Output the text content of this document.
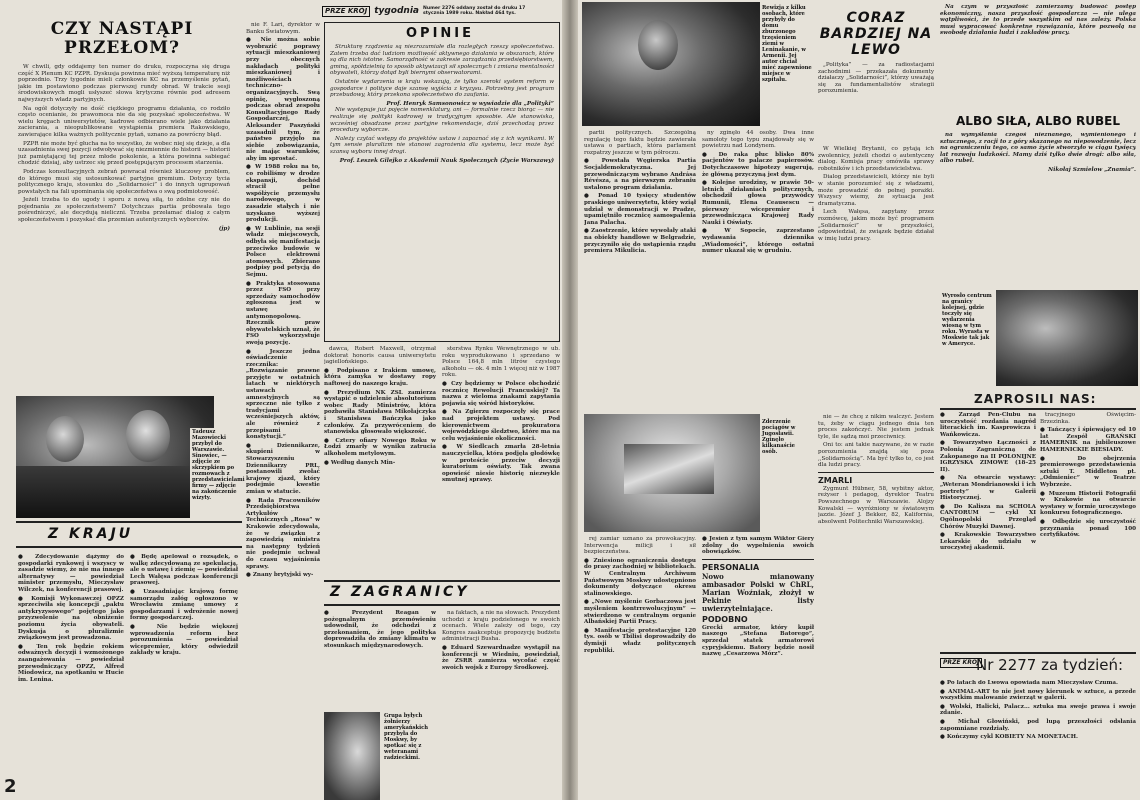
CZY NASTĄPI PRZEŁOM?

W chwili, gdy oddajemy ten numer do druku, rozpoczyna się druga część X Plenum KC PZPR. Dyskusja powinna mieć wyższą temperaturę niż poprzednio. Trzy tygodnie mieli członkowie KC na przemyślenie pytań, jakie im postawiono podczas pierwszej rundy obrad. W trakcie sesji środowiskowych mogli usłyszeć słowa krytyczne równie pod adresem najwyższych władz partyjnych.

Na ogół dotyczyły ne dość ciężkiego programu działania, co rodziło często ocenianie, że prawomoca nie da się pozyskać społeczeństwa. W wielu kręgach uniwersytetów, kadrowe odbierano wiele jako działania zacierania, a nieopublikowane wystąpienia premiera Rakowskiego, zawierające kilka ważnych politycznie pytań, uznano za powrócny błąd.

PZPR nie może być głucha na to wszystko, że wobec niej się dzieje, a dla uzasadnienia swej pozycji odwoływać się niezmiennie do historii — historii już pamiętającej tej przez młode pokolenie, a która powinna sabiegać chodzić dzisiaj, aby ustrzec się przed postępującym procesem starzenia.

Podczas konsultacyjnych zebrań powracał również kluczowy problem, do którego musi się ustosunkować partyjne gremium. Dotyczy tycia politycznego kraju, stosunku do „Solidarności” i do innych ugrupowań powstałych na fali upominania się społeczeństwa o swą podmiotowość.

Jeżeli trzeba to do ugody i sporu z nową siłą, to zdolne czy nie do pojednania ze społeczeństwem? Dotychczas partia próbowała tego pośredniczyć, ale decydują nieliczni. Trzeba przełamać dialog z całym społeczeństwem i pozyskać dla przemian autentycznych wyborców.

(jp)
Tadeusz Mazowiecki przybył do Warszawie. Sinowiec, — zdjęcie ze skrzypkiem po rozmowach z przedstawicielami firmy — zdjęcie na zakończenie wizyty.
Z KRAJU

● Zdecydowanie dążymy do gospodarki rynkowej i wszyscy w zasadzie wiemy, że nie ma innego alternatywy — powiedział minister przemysłu, Mieczysław Wilczek, na konferencji prasowej.

● Komisji Wykonawczej OPZZ sprzeciwiła się koncepcji „paktu antykryzysowego” pojętego jako przyzwolenie na obniżenie poziomu życia obywateli. Dyskusja o pluralizmie związkowym jest prowadzona.

● Ten rok będzie rokiem odważnych decyzji i wzmożonego zaangażowania — powiedział przewodniczący OPZZ, Alfred Miodowicz, na spotkaniu w Hucie im. Lenina.

● Będę apelował o rozsądek, o walkę zdecydowaną ze spekulacją, ale o ustawę i ziemię — powiedział Lech Wałęsa podczas konferencji prasowej.

● Uzasadniając krajową formę samorządu załóg ogłoszono w Wrocławiu zmianę umowy z gospodarzami i wdrożenie nowej formy gospodarczej.

● Nie będzie większej wprowadzenia reform bez porozumienia — powiedział wicepremier, który odwiedził zakłady w kraju.

2

nie F. Lari, dyrektor w Banku Światowym.

● Nie można sobie wyobrazić poprawy sytuacji mieszkaniowej przy obecnych nakładach polityki mieszkaniowej i możliwościach techniczno-organizacyjnych. Swą opinię, wygłoszoną podczas obrad zespołu Konsultacyjnego Rady Gospodarczej, Aleksander Paszyński uzasadnił tym, że państwo przyjęło na siebie zobowiązania, nie mając warunków, aby im sprostać.

● W 1988 roku na to, co robiliśmy w drodze ekspansji, dochód stracił pełne współżycie przemysłu narodowego, w zasadzie stałych i nie uzyskano wyższej produkcji.

● W Lublinie, na sesji władz miejscowych, odbyła się manifestacja przeciwko budowie w Polsce elektrowni atomowych. Zbierano podpisy pod petycją do Sejmu.

● Praktyka stosowana przez FSO przy sprzedaży samochodów zgłoszona jest w ustawę antymonopolową. Rzecznik praw obywatelskich uznał, że FSO wykorzystuje swoją pozycję.

● Jeszcze jedna oświadczenie rzecznika: „Rozwiązanie prawne przyjęte w ostatnich latach w niektórych ustawach amnestyjnych są sprzeczne nie tylko z tradycjami wcześniejszych aktów, ale również z przepisami konstytucji.”

● Dziennikarze, skupieni w Stowarzyszeniu Dziennikarzy PRL, postanowili zwołać krajowy zjazd, który podejmie kwestie zmian w statucie.

● Rada Pracowników Przedsiębiorstwa Artykułów Technicznych „Rosa” w Krakowie zdecydowała, że w związku z zapowiedzią ministra na następny tydzień nie podejmie uchwał do czasu wyjaśnienia sprawy.

● Znany brytyjski wy-

PRZE KRÓJ tygodnia Numer 2276 oddany został do druku 17 stycznia 1989 roku. Nakład 464 tys.
OPINIE

Strukturę rządzenia są niezrozumiałe dla rozległych rzeszy społeczeństwa. Zatem trzeba dać ludziom możliwość aktywnego działania w obszarach, które są dla nich istotne. Samorządność w zakresie zarządzania przedsiębiorstwem, gminą, spółdzielnią to sposób aktywizacji sił społecznych i zmiana mentalności obywateli, którzy dotąd byli biernymi obserwatorami.

Ostatnie wydarzenia w kraju wskazują, że tylko szeroki system reform w gospodarce i polityce daje szansę wyjścia z kryzysu. Potrzebny jest program przebudowy, który przekona społeczeństwo do zaufania.

Prof. Henryk Samsonowicz w wywiadzie dla „Polityki”

Nie występuje już pojęcie nomenklatury, ani — formalnie rzecz biorąc — nie realizuje się polityki kadrowej w tradycyjnym sposobie. Ale stanowiska, wcześniej obsadzane przez partyjne rekomendacje, dziś przechodzą przez procedury wyborcze.

Należy czytać wstępy do projektów ustaw i zapoznać się z ich wynikami. W tym sensie pluralizm nie stanowi zagrożenia dla systemu, lecz może być szansą wyboru innej drogi.

Prof. Leszek Gilejko z Akademii Nauk Społecznych (Życie Warszawy)

dawca, Robert Maxwell, otrzymał doktorat honoris causa uniwersytetu jagiellońskiego.

● Podpisano z Irakiem umowę, która zamyka w dostawy ropy naftowej do naszego kraju.

● Prezydium NK ZSL zamierza wystąpić o udzielenie absolutorium wobec Rady Ministrów, która pozbawiła Stanisława Mikołajczyka i Stanisława Bańczyka jako członków. Za przywróceniem do stanowiska głosowało większość.

● Cztery ofiary Nowego Roku w Łodzi zmarły w wyniku zatrucia alkoholem metylowym.

● Według danych Min-

sterstwa Rynku Wewnętrznego w ub. roku wyprodukowano i sprzedano w Polsce 164,8 mln litrów czystego alkoholu — ok. 4 mln 1 więcej niż w 1987 roku.

● Czy będziemy w Polsce obchodzić rocznicę Rewolucji Francuskiej? Ta nazwa z wieloma znakami zapytania pojawia się wśród historyków.

● Na Zgierzu rozpoczęły się prace nad projektem ustawy. Pod kierownictwem prokuratora wojewódzkiego śledztwo, które ma na celu wyjaśnienie okoliczności.

● W Siedlcach zmarła 28-letnia nauczycielka, która podjęła głodówkę w proteście przeciw decyzji kuratorium oświaty. Tak zwana opowieść niesie historię niezwykle smutnej sprawy.

Z ZAGRANICY

● Prezydent Reagan w pożegnalnym przemówieniu udowodnił, że odchodzi z przekonaniem, że jego polityka doprowadziła do zmiany klimatu w stosunkach międzynarodowych.

Grupa byłych żołnierzy amerykańskich przybyła do Moskwy, by spotkać się z weteranami radzieckimi.

na faktach, a nie na słowach. Prezydent uchodzi z kraju podzielonego w swoich ocenach. Wiele zależy od tego, czy Kongres zaakceptuje propozycję budżetu administracji Busha.

● Eduard Szewardnadze wystąpił na konferencji w Wiedniu, powiedział, że ZSRR zamierza wycofać część swoich wojsk z Europy Środkowej.

Rewizja z kilku osobach, które przybyły do domu zburzonego trzęsieniem ziemi w Leninakanie, w Armenii. Jej autor chciał mieć zapewnione miejsce w szpitalu.
CORAZ BARDZIEJ NA LEWO

„Polityka” — za radiostacjami zachodnimi — przekazała dokumenty działaczy „Solidarności”, którzy uważają się za fundamentalistów strategii porozumienia.

partii politycznych. Szczególną regulację tego faktu będzie zawierała ustawa o partiach, która parlament rozpatrzy jeszcze w tym półroczu.

● Powstała Węgierska Partia Socjaldemokratyczna. Jej przewodniczącym wybrano Andrása Révésza, a na pierwszym zebraniu ustalono program działania.

● Ponad 10 tysięcy studentów praskiego uniwersytetu, który wziął udział w demonstracji w Pradze, upamiętniło rocznicę samospalenia Jana Palacha.

● Zaostrzenie, które wywołały ataki na obiekty handlowe w Belgradzie, przyczyniło się do ustąpienia rządu premiera Mikulicia.

ny zginęło 44 osoby. Dwa inne samoloty tego typu znajdowały się w powietrzu nad Londynem.

● Do raka płuc blisko 80% pacjentów to palacze papierosów. Dotychczasowe hipotezy sugerują, że główną przyczyną jest dym.

● Kolejne urodziny, w prawie 50-letnich działaniach politycznych, obchodził głowa przywódcy Rumunii, Elena Ceausescu — pierwszy wicepremier i przewodnicząca Krajowej Rady Nauki i Oświaty.

● W Sopocie, zaprzestano wydawania dziennika „Wiadomości”, którego ostatni numer ukazał się w grudniu.

W Wielkiej Brytanii, co pytają ich zwolennicy, jeżeli chodzi o autentyczny dialog. Komisja pracy omówiła sprawy robotników i ich przedstawicielstwa.

Dialog przedstawicieli, którzy nie byli w stanie porozumieć się z władzami, może prowadzić do pełnej porażki. Wszyscy wiemy, że sytuacja jest dramatyczna.

Lech Wałęsa, zapytany przez rozmówcę, jakim może być programem „Solidarności” w przyszłości, odpowiedział, że związek będzie działał w imię ludzi pracy.

Zderzenie pociągów w Jugosławii. Zginęło kilkanaście osób.

rej zamiar uznano za prowokacyjny. Interwencja milicji i sił bezpieczeństwa.

● Zniesiono ograniczenia dostępu do prasy zachodniej w bibliotekach. W Centralnym Archiwum Państwowym Moskwy udostępniono dokumenty dotyczące okresu stalinowskiego.

● „Nowe myślenie Gorbaczowa jest myśleniem kontrrewolucyjnym” — stwierdzono w centralnym organie Albańskiej Partii Pracy.

● Manifestacje protestacyjne 120 tys. osób w Tbilisi doprowadziły do dymisji władz politycznych republiki.

● Jesień z tym samym Wiktor Giery zdolny do wypełnienia swoich obowiązków.

PERSONALIA

Nowo mianowany ambasador Polski w ChRL, Marian Woźniak, złożył w Pekinie listy uwierzytelniające.

PODOBNO

Grecki armator, który kupił naszego „Stefana Batorego”, sprzedał statek armatorowi cypryjskiemu. Batory będzie nosił nazwę „Cesarzowa Mórz”.

nie — że chcę z nikim walczyć. Jestem tu, żeby w ciągu jednego dnia ten proces zakończyć. Nie jestem jednak tyle, ile sądzą moi przeciwnicy.

Oni to: ani takie nazywane, że w razie porozumienia znajdą się poza ,,Solidarnością”. Ma być tylko to, co jest dla ludzi pracy.

ZMARLI

Zygmunt Hübner, 58, wybitny aktor, reżyser i pedagog, dyrektor Teatru Powszechnego w Warszawie. Alojzy Kowalski — wyróżniony w światowym jazzie. Józef J. Bekker, 82, Kalifornia, absolwent Politechniki Warszawskiej.

Na czym w przyszłość zamierzamy budować postęp ekonomiczny, nasza przyszłość gospodarcza — nie ulega wątpliwości, że to przede wszystkim od nas zależy. Polska musi wypracować konkretne rozwiązania, które pozwolą na swobodę działania ludzi i zakładów pracy.

ALBO SIŁA, ALBO RUBEL

na wymyślania czegoś nieznanego, wymienionego i sztucznego, z racji to z góry skazanego na niepowodzenie, lecz na ograniczeniu tego, co samo życie stworzyło w ciągu tysięcy lat rozwoju ludzkości. Mamy dziś tylko dwie drogi: albo siła, albo rubel.

Nikołaj Szmielow „Znamia”.
Wyrosło centrum na granicy kolejnej, gdzie toczyły się wydarzenia wiosną w tym roku. Wyrasta w Moskwie tak jak w Ameryce.
ZAPROSILI NAS:

● Zarząd Pen-Clubu na uroczystość rozdania nagród literackich im. Kasprowicza i Wańkowicza.

● Towarzystwo Łączności z Polonią Zagraniczną do Zakopanego na II POLONIJNE IGRZYSKA ZIMOWE (18–25 II).

● Na otwarcie wystawy: „Weteran Mondrianowski i ich portrety” w Galerii Historycznej.

● Do Kalisza na SCHOLA CANTORUM — cykl XI Ogólnopolski Przegląd Chórów Muzyki Dawnej.

● Krakowskie Towarzystwo Lekarskie do udziału w uroczystej akademii.

tracyjnego Oświęcim-Brzezinka.

● Tańczący i śpiewający od 10 lat Zespół GRAŃSKI HAMERNIK na jubileuszowe HAMERNICKIE BIESIADY.

● Do obejrzenia premierowego przedstawienia sztuki T. Middleton pt. „Odmieniec” w Teatrze Wybrzeże.

● Muzeum Historii Fotografii w Krakowie na otwarcie wystawy w formie uroczystego konkursu fotograficznego.

● Odbędzie się uroczystość przyznania ponad 100 certyfikatów.

PRZE KRÓJ
Nr 2277 za tydzień:

● Po latach do Lwowa opowiada nam Mieczysław Czuma.

● ANIMAL-ART to nie jest nowy kierunek w sztuce, a przede wszystkim malowanie zwierząt w galerii.

● Wolski, Halicki, Palacz... sztuka ma swoje prawa i swoje zdanie.

● Michał Głowiński, pod lupą przeszłości odsłania zapomniane rozdziały.

● Kończymy cykl KOBIETY NA MONETACH.
